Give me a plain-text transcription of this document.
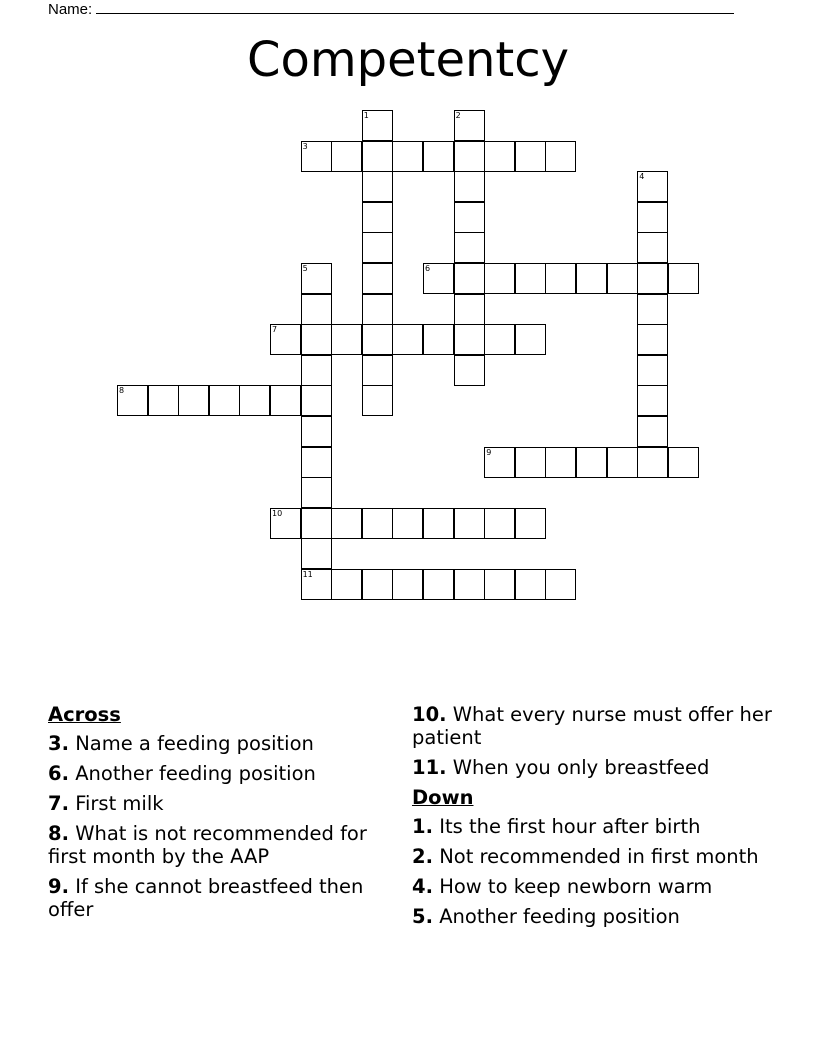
Name:
Competentcy
1	2
3
4
5
11
6
7
8
9
10
Across
3. Name a feeding position
6. Another feeding position
7. First milk
8. What is not recommended for first month by the AAP
9. If she cannot breastfeed then offer
10. What every nurse must offer her patient
11. When you only breastfeed
Down
1. Its the first hour after birth
2. Not recommended in first month
4. How to keep newborn warm
5. Another feeding position
